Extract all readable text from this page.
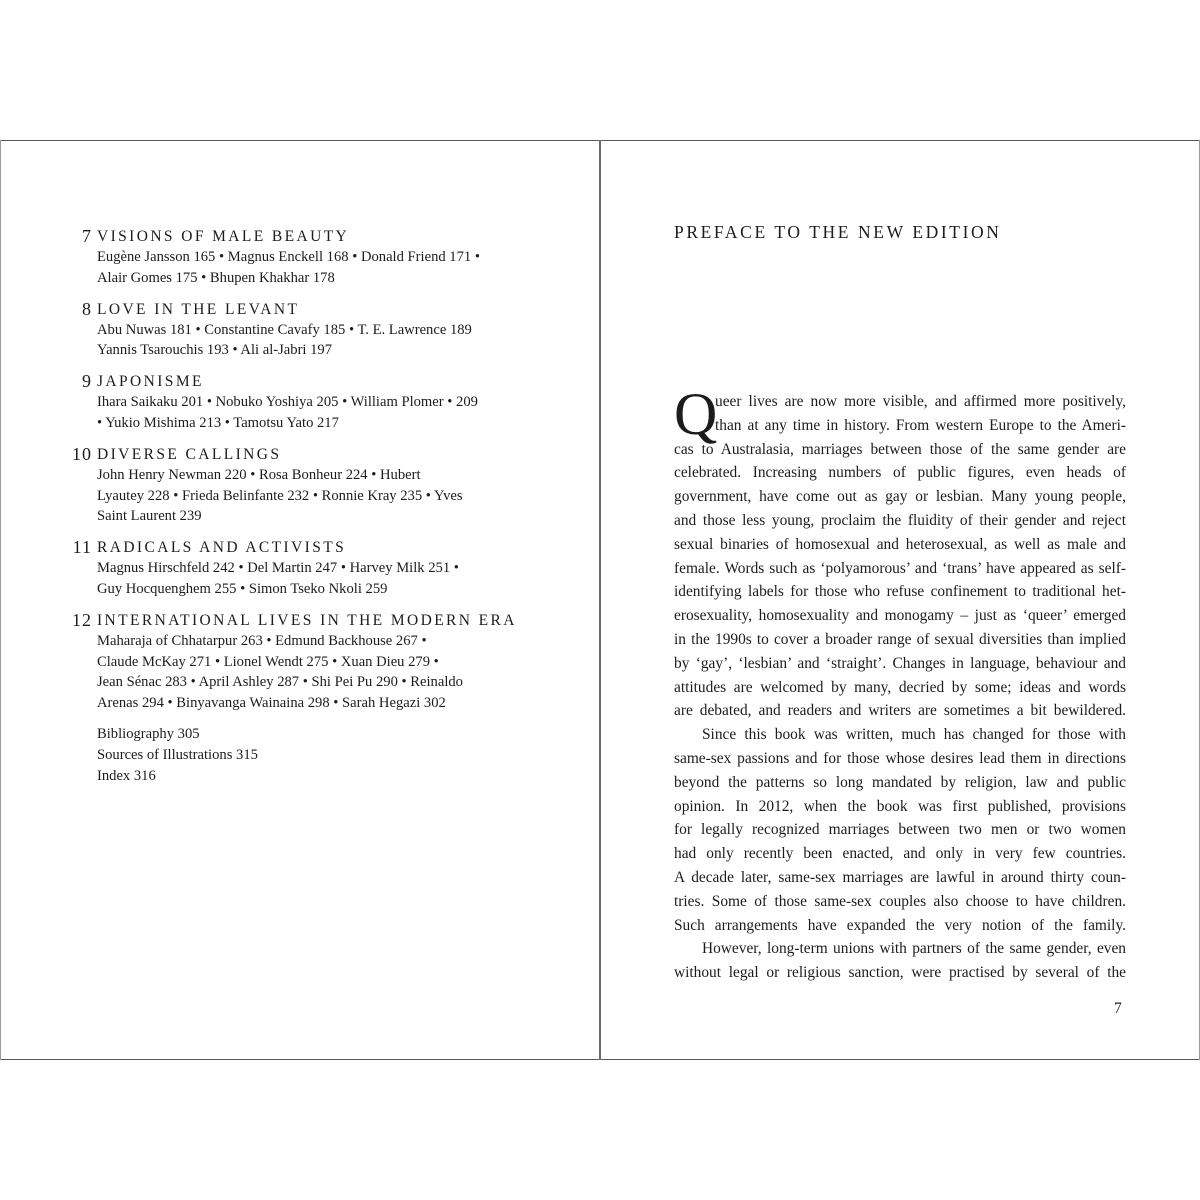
7 VISIONS OF MALE BEAUTY
Eugène Jansson 165 • Magnus Enckell 168 • Donald Friend 171 •
Alair Gomes 175 • Bhupen Khakhar 178
8 LOVE IN THE LEVANT
Abu Nuwas 181 • Constantine Cavafy 185 • T. E. Lawrence 189
Yannis Tsarouchis 193 • Ali al-Jabri 197
9 JAPONISME
Ihara Saikaku 201 • Nobuko Yoshiya 205 • William Plomer • 209
• Yukio Mishima 213 • Tamotsu Yato 217
10 DIVERSE CALLINGS
John Henry Newman 220 • Rosa Bonheur 224 • Hubert
Lyautey 228 • Frieda Belinfante 232 • Ronnie Kray 235 • Yves
Saint Laurent 239
11 RADICALS AND ACTIVISTS
Magnus Hirschfeld 242 • Del Martin 247 • Harvey Milk 251 •
Guy Hocquenghem 255 • Simon Tseko Nkoli 259
12 INTERNATIONAL LIVES IN THE MODERN ERA
Maharaja of Chhatarpur 263 • Edmund Backhouse 267 •
Claude McKay 271 • Lionel Wendt 275 • Xuan Dieu 279 •
Jean Sénac 283 • April Ashley 287 • Shi Pei Pu 290 • Reinaldo
Arenas 294 • Binyavanga Wainaina 298 • Sarah Hegazi 302
Bibliography 305
Sources of Illustrations 315
Index 316
PREFACE TO THE NEW EDITION
Q
ueer lives are now more visible, and affirmed more positively,
than at any time in history. From western Europe to the Ameri-
cas to Australasia, marriages between those of the same gender are
celebrated. Increasing numbers of public figures, even heads of
government, have come out as gay or lesbian. Many young people,
and those less young, proclaim the fluidity of their gender and reject
sexual binaries of homosexual and heterosexual, as well as male and
female. Words such as ‘polyamorous’ and ‘trans’ have appeared as self-
identifying labels for those who refuse confinement to traditional het-
erosexuality, homosexuality and monogamy – just as ‘queer’ emerged
in the 1990s to cover a broader range of sexual diversities than implied
by ‘gay’, ‘lesbian’ and ‘straight’. Changes in language, behaviour and
attitudes are welcomed by many, decried by some; ideas and words
are debated, and readers and writers are sometimes a bit bewildered.
Since this book was written, much has changed for those with
same-sex passions and for those whose desires lead them in directions
beyond the patterns so long mandated by religion, law and public
opinion. In 2012, when the book was first published, provisions
for legally recognized marriages between two men or two women
had only recently been enacted, and only in very few countries.
A decade later, same-sex marriages are lawful in around thirty coun-
tries. Some of those same-sex couples also choose to have children.
Such arrangements have expanded the very notion of the family.
However, long-term unions with partners of the same gender, even
without legal or religious sanction, were practised by several of the
7
